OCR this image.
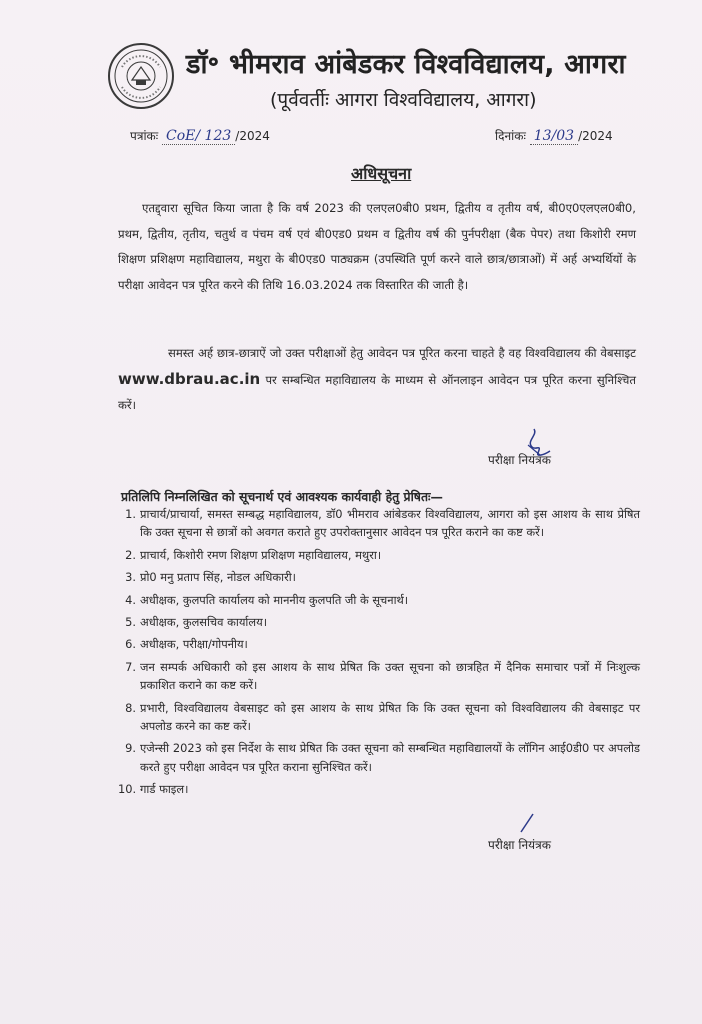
डॉ॰ भीमराव आंबेडकर विश्वविद्यालय, आगरा
(पूर्ववर्तीः आगरा विश्वविद्यालय, आगरा)
पत्रांकः CoE/ 123 /2024	दिनांकः 13/03 /2024
अधिसूचना
एतद्द्वारा सूचित किया जाता है कि वर्ष 2023 की एलएल0बी0 प्रथम, द्वितीय व तृतीय वर्ष, बी0ए0एलएल0बी0, प्रथम, द्वितीय, तृतीय, चतुर्थ व पंचम वर्ष एवं बी0एड0 प्रथम व द्वितीय वर्ष की पुर्नपरीक्षा (बैक पेपर) तथा किशोरी रमण शिक्षण प्रशिक्षण महाविद्यालय, मथुरा के बी0एड0 पाठ्यक्रम (उपस्थिति पूर्ण करने वाले छात्र/छात्राओं) में अर्ह अभ्यर्थियों के परीक्षा आवेदन पत्र पूरित करने की तिथि 16.03.2024 तक विस्तारित की जाती है।
समस्त अर्ह छात्र-छात्राऐं जो उक्त परीक्षाओं हेतु आवेदन पत्र पूरित करना चाहते है वह विश्वविद्यालय की वेबसाइट www.dbrau.ac.in पर सम्बन्धित महाविद्यालय के माध्यम से ऑनलाइन आवेदन पत्र पूरित करना सुनिश्चित करें।
परीक्षा नियंत्रक
प्रतिलिपि निम्नलिखित को सूचनार्थ एवं आवश्यक कार्यवाही हेतु प्रेषितः—
1. प्राचार्य/प्राचार्या, समस्त सम्बद्ध महाविद्यालय, डॉ0 भीमराव आंबेडकर विश्वविद्यालय, आगरा को इस आशय के साथ प्रेषित कि उक्त सूचना से छात्रों को अवगत कराते हुए उपरोक्तानुसार आवेदन पत्र पूरित कराने का कष्ट करें।
2. प्राचार्य, किशोरी रमण शिक्षण प्रशिक्षण महाविद्यालय, मथुरा।
3. प्रो0 मनु प्रताप सिंह, नोडल अधिकारी।
4. अधीक्षक, कुलपति कार्यालय को माननीय कुलपति जी के सूचनार्थ।
5. अधीक्षक, कुलसचिव कार्यालय।
6. अधीक्षक, परीक्षा/गोपनीय।
7. जन सम्पर्क अधिकारी को इस आशय के साथ प्रेषित कि उक्त सूचना को छात्रहित में दैनिक समाचार पत्रों में निःशुल्क प्रकाशित कराने का कष्ट करें।
8. प्रभारी, विश्वविद्यालय वेबसाइट को इस आशय के साथ प्रेषित कि कि उक्त सूचना को विश्वविद्यालय की वेबसाइट पर अपलोड करने का कष्ट करें।
9. एजेन्सी 2023 को इस निर्देश के साथ प्रेषित कि उक्त सूचना को सम्बन्धित महाविद्यालयों के लॉगिन आई0डी0 पर अपलोड करते हुए परीक्षा आवेदन पत्र पूरित कराना सुनिश्चित करें।
10. गार्ड फाइल।
परीक्षा नियंत्रक
